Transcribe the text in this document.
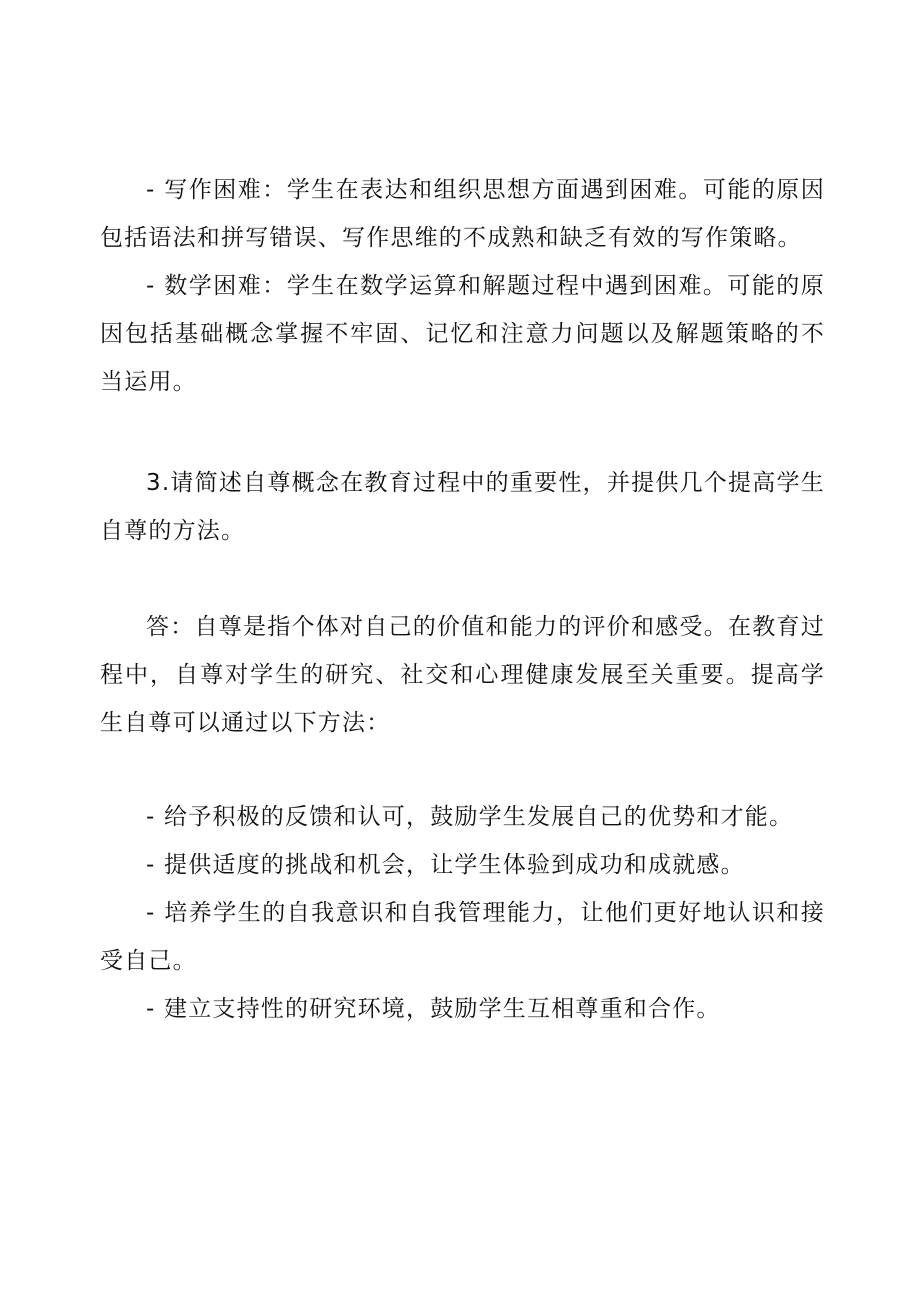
- 写作困难：学生在表达和组织思想方面遇到困难。可能的原因包括语法和拼写错误、写作思维的不成熟和缺乏有效的写作策略。

- 数学困难：学生在数学运算和解题过程中遇到困难。可能的原因包括基础概念掌握不牢固、记忆和注意力问题以及解题策略的不当运用。

3.请简述自尊概念在教育过程中的重要性，并提供几个提高学生自尊的方法。

答：自尊是指个体对自己的价值和能力的评价和感受。在教育过程中，自尊对学生的研究、社交和心理健康发展至关重要。提高学生自尊可以通过以下方法：

- 给予积极的反馈和认可，鼓励学生发展自己的优势和才能。

- 提供适度的挑战和机会，让学生体验到成功和成就感。

- 培养学生的自我意识和自我管理能力，让他们更好地认识和接受自己。

- 建立支持性的研究环境，鼓励学生互相尊重和合作。
